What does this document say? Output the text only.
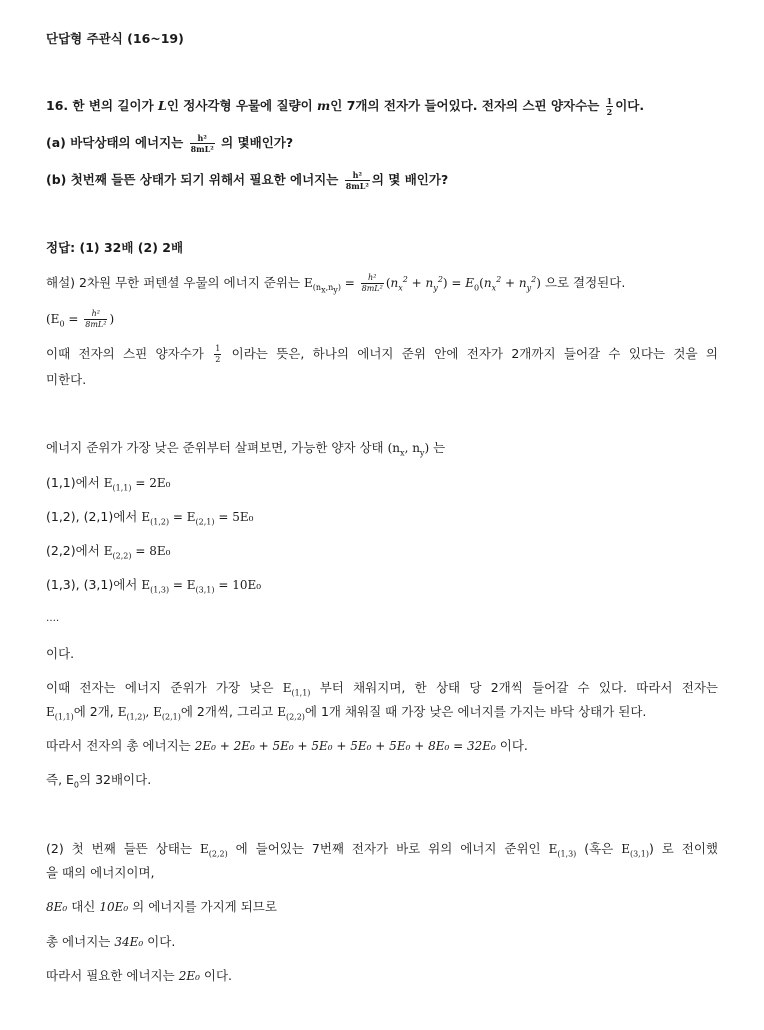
단답형 주관식 (16~19)
16. 한 변의 길이가 L인 정사각형 우물에 질량이 m인 7개의 전자가 들어있다. 전자의 스핀 양자수는 $\frac{1}{2}$ 이다.
(a) 바닥상태의 에너지는 $\frac{\text{h²}}{\text{8mL²}}$ 의 몇배인가?
(b) 첫번째 들뜬 상태가 되기 위해서 필요한 에너지는 $\frac{\text{h²}}{\text{8mL²}}$ 의 몇 배인가?
정답: (1) 32배 (2) 2배
해설) 2차원 무한 퍼텐셜 우물의 에너지 준위는 $E_{(n_x,n_y)} = \frac{\text{h²}}{\text{8mL²}} (n_x^2 + n_y^2) = E_0(n_x^2 + n_y^2)$ 으로 결정된다.
($E_0 = \frac{\text{h²}}{\text{8mL²}}$ )
이때 전자의 스핀 양자수가 $\frac{1}{2}$ 이라는 뜻은, 하나의 에너지 준위 안에 전자가 2개까지 들어갈 수 있다는 것을 의
미한다.
에너지 준위가 가장 낮은 준위부터 살펴보면, 가능한 양자 상태 ($n_x$, $n_y$) 는
(1,1)에서 $E_{(1,1)} = 2E_0$
(1,2), (2,1)에서 $E_{(1,2)} = E_{(2,1)} = 5E_0$
(2,2)에서 $E_{(2,2)} = 8E_0$
(1,3), (3,1)에서 $E_{(1,3)} = E_{(3,1)} = 10E_0$
….
이다.
이때 전자는 에너지 준위가 가장 낮은 $E_{(1,1)}$ 부터 채워지며, 한 상태 당 2개씩 들어갈 수 있다. 따라서 전자는
$E_{(1,1)}$에 2개, $E_{(1,2)}$, $E_{(2,1)}$에 2개씩, 그리고 $E_{(2,2)}$에 1개 채워질 때 가장 낮은 에너지를 가지는 바닥 상태가 된다.
따라서 전자의 총 에너지는 2E₀ + 2E₀ + 5E₀ + 5E₀ + 5E₀ + 5E₀ + 8E₀ = 32E₀ 이다.
즉, $E_0$의 32배이다.
(2) 첫 번째 들뜬 상태는 $E_{(2,2)}$ 에 들어있는 7번째 전자가 바로 위의 에너지 준위인 $E_{(1,3)}$ (혹은 $E_{(3,1)}$) 로 전이했
을 때의 에너지이며,
8E₀ 대신 10E₀ 의 에너지를 가지게 되므로
총 에너지는 34E₀ 이다.
따라서 필요한 에너지는 2E₀ 이다.
